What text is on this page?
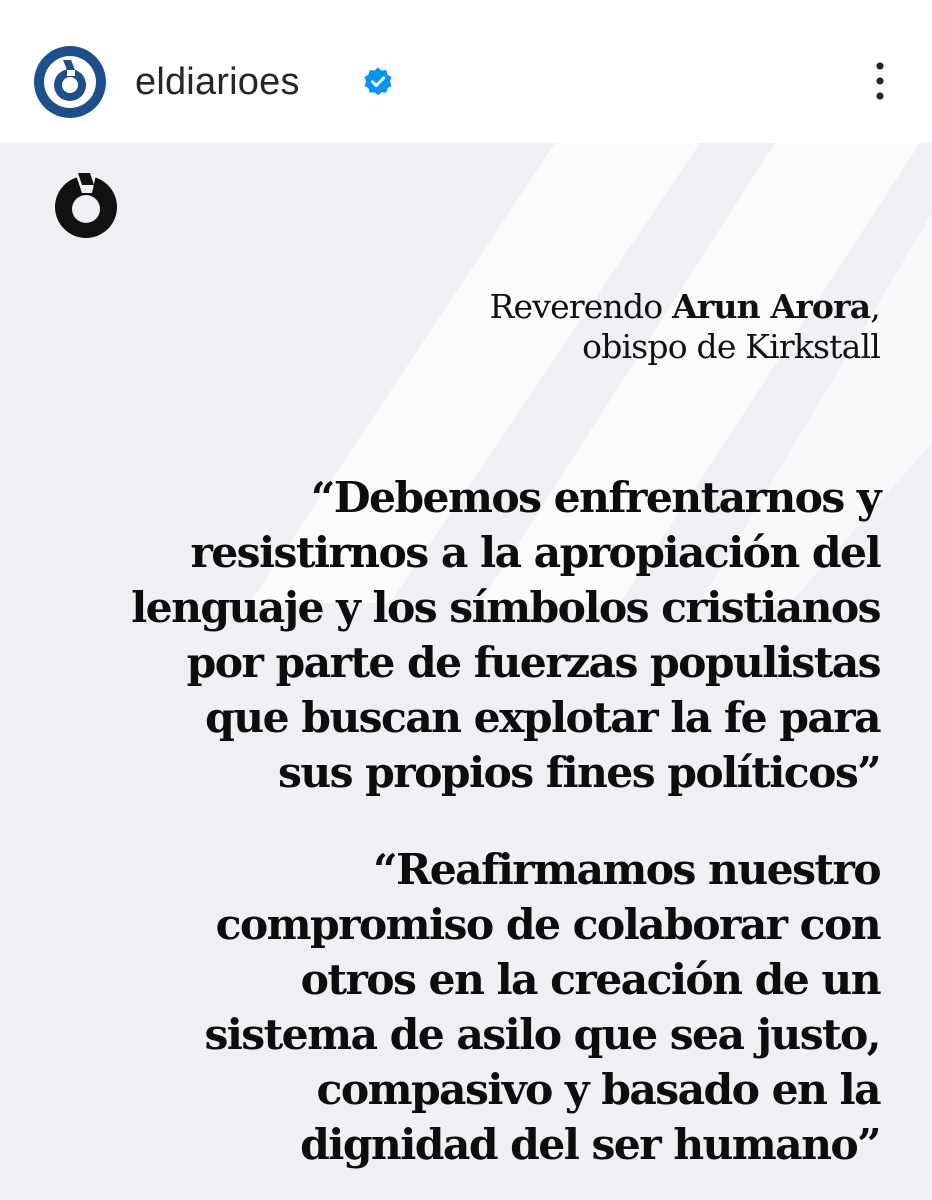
eldiarioes
Reverendo Arun Arora,
obispo de Kirkstall
“Debemos enfrentarnos y
resistirnos a la apropiación del
lenguaje y los símbolos cristianos
por parte de fuerzas populistas
que buscan explotar la fe para
sus propios fines políticos”
“Reafirmamos nuestro
compromiso de colaborar con
otros en la creación de un
sistema de asilo que sea justo,
compasivo y basado en la
dignidad del ser humano”
